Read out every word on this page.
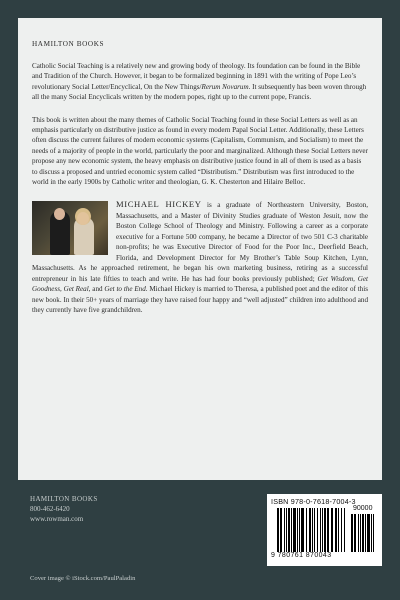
HAMILTON BOOKS

Catholic Social Teaching is a relatively new and growing body of theology. Its foundation can be found in the Bible and Tradition of the Church. However, it began to be formalized beginning in 1891 with the writing of Pope Leo’s revolutionary Social Letter/Encyclical, On the New Things/Rerum Novarum. It subsequently has been woven through all the many Social Encyclicals written by the modern popes, right up to the current pope, Francis.

This book is written about the many themes of Catholic Social Teaching found in these Social Letters as well as an emphasis particularly on distributive justice as found in every modern Papal Social Letter. Additionally, these Letters often discuss the current failures of modern economic systems (Capitalism, Communism, and Socialism) to meet the needs of a majority of people in the world, particularly the poor and marginalized. Although these Social Letters never propose any new economic system, the heavy emphasis on distributive justice found in all of them is used as a basis to discuss a proposed and untried economic system called “Distributism.” Distributism was first introduced to the world in the early 1900s by Catholic writer and theologian, G. K. Chesterton and Hilaire Belloc.

MICHAEL HICKEY is a graduate of Northeastern University, Boston, Massachusetts, and a Master of Divinity Studies graduate of Weston Jesuit, now the Boston College School of Theology and Ministry. Following a career as a corporate executive for a Fortune 500 company, he became a Director of two 501 C-3 charitable non-profits; he was Executive Director of Food for the Poor Inc., Deerfield Beach, Florida, and Development Director for My Brother’s Table Soup Kitchen, Lynn, Massachusetts. As he approached retirement, he began his own marketing business, retiring as a successful entrepreneur in his late fifties to teach and write. He has had four books previously published; Get Wisdom, Get Goodness, Get Real, and Get to the End. Michael Hickey is married to Theresa, a published poet and the editor of this new book. In their 50+ years of marriage they have raised four happy and “well adjusted” children into adulthood and they currently have five grandchildren.

HAMILTON BOOKS
800-462-6420
www.rowman.com
ISBN 978-0-7618-7004-3
90000
9 780761 870043
Cover image © iStock.com/PaulPaladin
